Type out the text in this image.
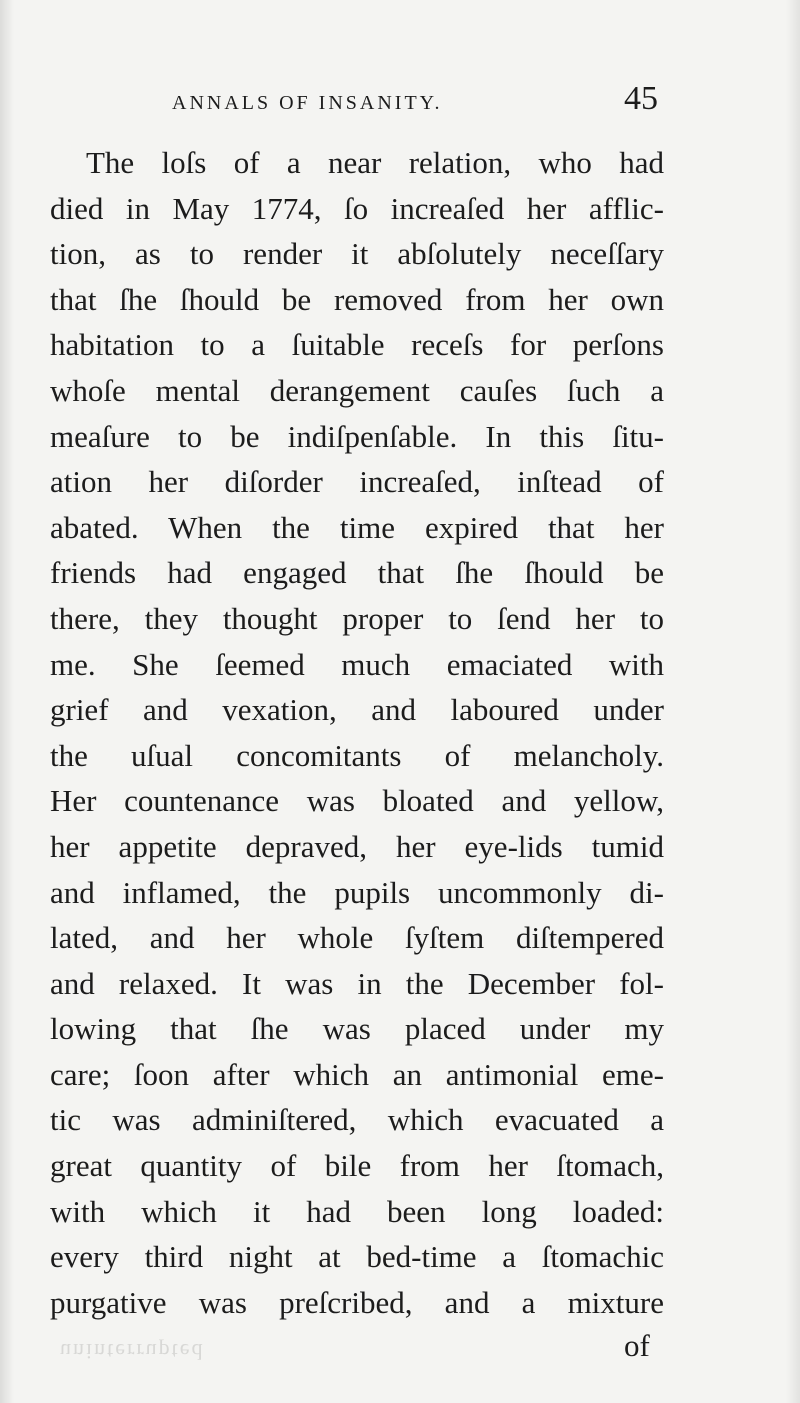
ANNALS OF INSANITY.	45
The loſs of a near relation, who had
died in May 1774, ſo increaſed her afflic-
tion, as to render it abſolutely neceſſary
that ſhe ſhould be removed from her own
habitation to a ſuitable receſs for perſons
whoſe mental derangement cauſes ſuch a
meaſure to be indiſpenſable. In this ſitu-
ation her diſorder increaſed, inſtead of
abated. When the time expired that her
friends had engaged that ſhe ſhould be
there, they thought proper to ſend her to
me. She ſeemed much emaciated with
grief and vexation, and laboured under
the uſual concomitants of melancholy.
Her countenance was bloated and yellow,
her appetite depraved, her eye-lids tumid
and inflamed, the pupils uncommonly di-
lated, and her whole ſyſtem diſtempered
and relaxed. It was in the December fol-
lowing that ſhe was placed under my
care; ſoon after which an antimonial eme-
tic was adminiſtered, which evacuated a
great quantity of bile from her ſtomach,
with which it had been long loaded:
every third night at bed-time a ſtomachic
purgative was preſcribed, and a mixture
uninterrupted	of
